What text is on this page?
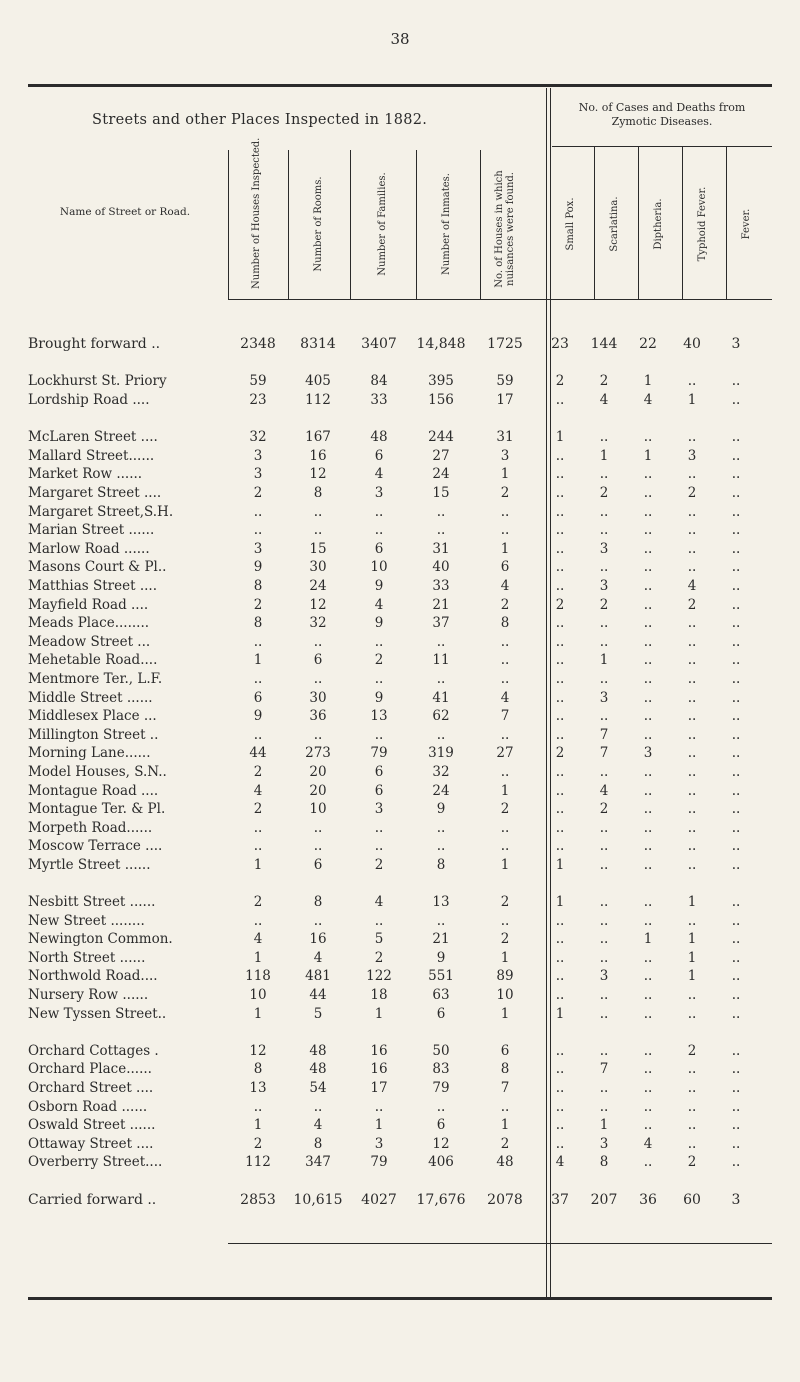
38
Streets and other Places Inspected in 1882.
No. of Cases and Deaths from Zymotic Diseases.
Name of Street or Road.	Number of Houses Inspected.	Number of Rooms.	Number of Families.	Number of Inmates.	No. of Houses in which nuisances were found.	Small Pox.	Scarlatina.	Diptheria.	Typhoid Fever.	Fever.
Brought forward ..	2348	8314	3407	14,848	1725	23	144	22	40	3

Lockhurst St. Priory	59	405	84	395	59	2	2	1	..	..
Lordship Road ....	23	112	33	156	17	..	4	4	1	..

McLaren Street ....	32	167	48	244	31	1	..	..	..	..
Mallard Street......	3	16	6	27	3	..	1	1	3	..
Market Row ......	3	12	4	24	1	..	..	..	..	..
Margaret Street ....	2	8	3	15	2	..	2	..	2	..
Margaret Street,S.H.	..	..	..	..	..	..	..	..	..	..
Marian Street ......	..	..	..	..	..	..	..	..	..	..
Marlow Road ......	3	15	6	31	1	..	3	..	..	..
Masons Court & Pl..	9	30	10	40	6	..	..	..	..	..
Matthias Street ....	8	24	9	33	4	..	3	..	4	..
Mayfield Road ....	2	12	4	21	2	2	2	..	2	..
Meads Place........	8	32	9	37	8	..	..	..	..	..
Meadow Street ...	..	..	..	..	..	..	..	..	..	..
Mehetable Road....	1	6	2	11	..	..	1	..	..	..
Mentmore Ter., L.F.	..	..	..	..	..	..	..	..	..	..
Middle Street ......	6	30	9	41	4	..	3	..	..	..
Middlesex Place ...	9	36	13	62	7	..	..	..	..	..
Millington Street ..	..	..	..	..	..	..	7	..	..	..
Morning Lane......	44	273	79	319	27	2	7	3	..	..
Model Houses, S.N..	2	20	6	32	..	..	..	..	..	..
Montague Road ....	4	20	6	24	1	..	4	..	..	..
Montague Ter. & Pl.	2	10	3	9	2	..	2	..	..	..
Morpeth Road......	..	..	..	..	..	..	..	..	..	..
Moscow Terrace ....	..	..	..	..	..	..	..	..	..	..
Myrtle Street ......	1	6	2	8	1	1	..	..	..	..

Nesbitt Street ......	2	8	4	13	2	1	..	..	1	..
New Street ........	..	..	..	..	..	..	..	..	..	..
Newington Common.	4	16	5	21	2	..	..	1	1	..
North Street ......	1	4	2	9	1	..	..	..	1	..
Northwold Road....	118	481	122	551	89	..	3	..	1	..
Nursery Row ......	10	44	18	63	10	..	..	..	..	..
New Tyssen Street..	1	5	1	6	1	1	..	..	..	..

Orchard Cottages .	12	48	16	50	6	..	..	..	2	..
Orchard Place......	8	48	16	83	8	..	7	..	..	..
Orchard Street ....	13	54	17	79	7	..	..	..	..	..
Osborn Road ......	..	..	..	..	..	..	..	..	..	..
Oswald Street ......	1	4	1	6	1	..	1	..	..	..
Ottaway Street ....	2	8	3	12	2	..	3	4	..	..
Overberry Street....	112	347	79	406	48	4	8	..	2	..

Carried forward ..	2853	10,615	4027	17,676	2078	37	207	36	60	3
